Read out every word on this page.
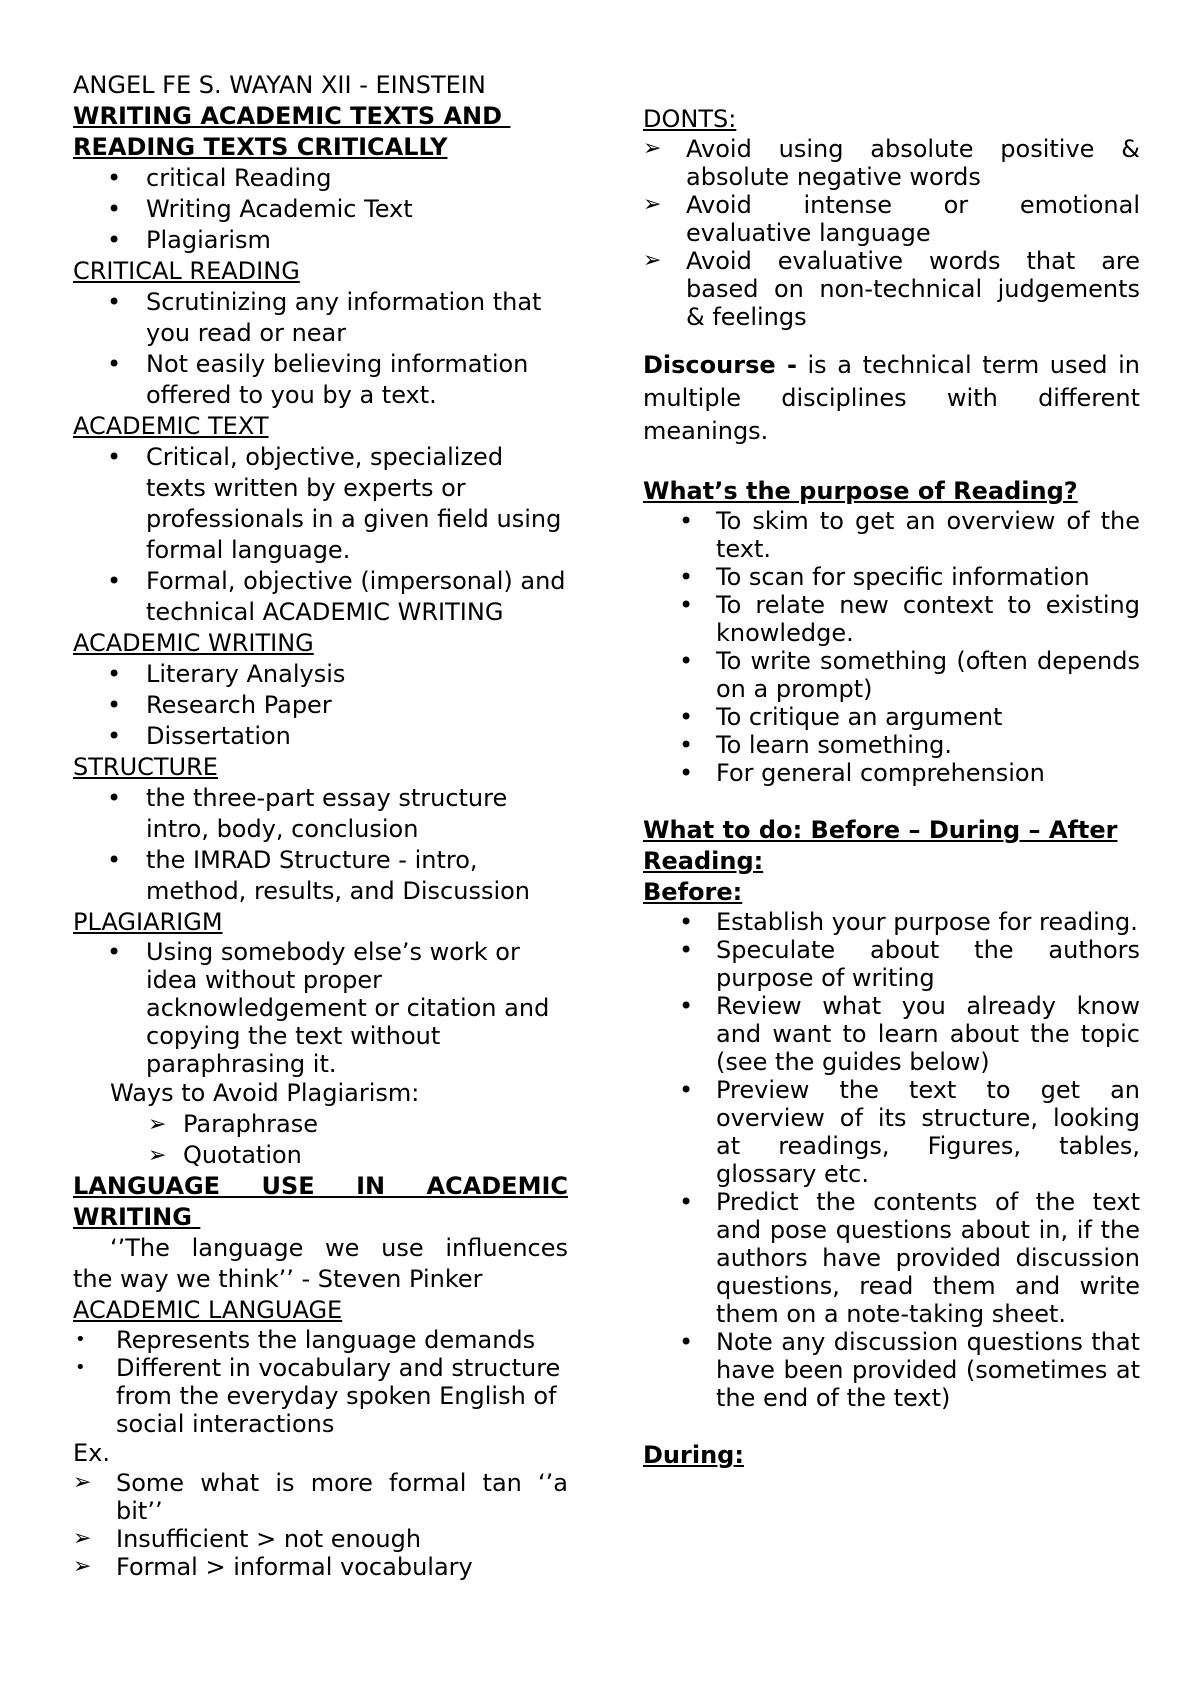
ANGEL FE S. WAYAN XII - EINSTEIN
WRITING ACADEMIC TEXTS AND
READING TEXTS CRITICALLY
• critical Reading
• Writing Academic Text
• Plagiarism
CRITICAL READING
• Scrutinizing any information that you read or near
• Not easily believing information offered to you by a text.
ACADEMIC TEXT
• Critical, objective, specialized texts written by experts or professionals in a given field using formal language.
• Formal, objective (impersonal) and technical ACADEMIC WRITING
ACADEMIC WRITING
• Literary Analysis
• Research Paper
• Dissertation
STRUCTURE
• the three-part essay structure intro, body, conclusion
• the IMRAD Structure - intro, method, results, and Discussion
PLAGIARIGM
• Using somebody else’s work or idea without proper acknowledgement or citation and copying the text without paraphrasing it.
Ways to Avoid Plagiarism:
➢ Paraphrase
➢ Quotation
LANGUAGE USE IN ACADEMIC
WRITING
‘’The language we use influences
the way we think’’ - Steven Pinker
ACADEMIC LANGUAGE
• Represents the language demands
• Different in vocabulary and structure from the everyday spoken English of social interactions
Ex.
➢ Some what is more formal tan ‘’a bit’’
➢ Insufficient > not enough
➢ Formal > informal vocabulary
DONTS:
➢ Avoid using absolute positive & absolute negative words
➢ Avoid intense or emotional evaluative language
➢ Avoid evaluative words that are based on non-technical judgements & feelings
Discourse - is a technical term used in multiple disciplines with different meanings.
What’s the purpose of Reading?
• To skim to get an overview of the text.
• To scan for specific information
• To relate new context to existing knowledge.
• To write something (often depends on a prompt)
• To critique an argument
• To learn something.
• For general comprehension
What to do: Before – During – After
Reading:
Before:
• Establish your purpose for reading.
• Speculate about the authors purpose of writing
• Review what you already know and want to learn about the topic (see the guides below)
• Preview the text to get an overview of its structure, looking at readings, Figures, tables, glossary etc.
• Predict the contents of the text and pose questions about in, if the authors have provided discussion questions, read them and write them on a note-taking sheet.
• Note any discussion questions that have been provided (sometimes at the end of the text)
During:
